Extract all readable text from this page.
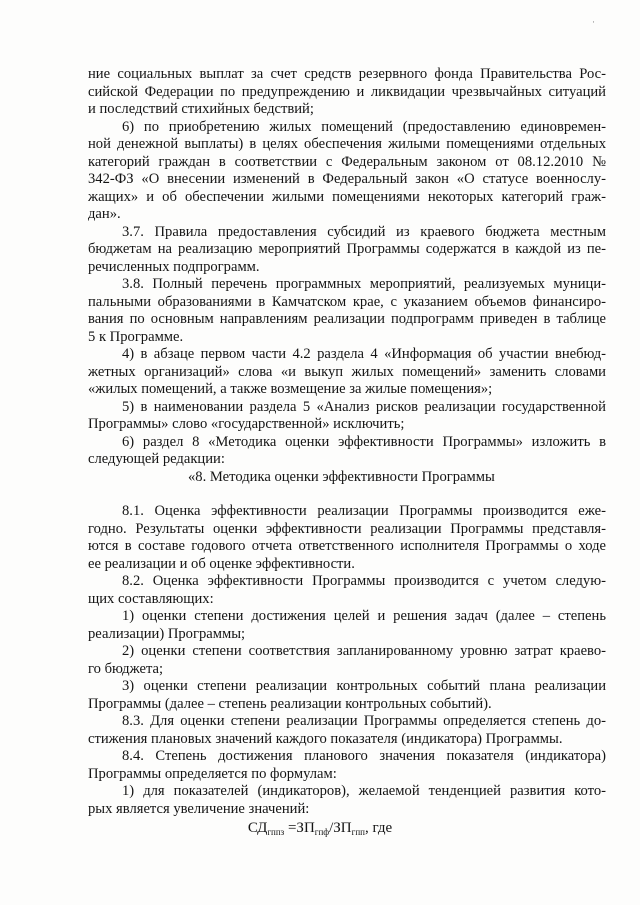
·
ние социальных выплат за счет средств резервного фонда Правительства Рос-
сийской Федерации по предупреждению и ликвидации чрезвычайных ситуаций
и последствий стихийных бедствий;
6) по приобретению жилых помещений (предоставлению единовремен-
ной денежной выплаты) в целях обеспечения жилыми помещениями отдельных
категорий граждан в соответствии с Федеральным законом от 08.12.2010 №
342-ФЗ «О внесении изменений в Федеральный закон «О статусе военнослу-
жащих» и об обеспечении жилыми помещениями некоторых категорий граж-
дан».
3.7. Правила предоставления субсидий из краевого бюджета местным
бюджетам на реализацию мероприятий Программы содержатся в каждой из пе-
речисленных подпрограмм.
3.8. Полный перечень программных мероприятий, реализуемых муници-
пальными образованиями в Камчатском крае, с указанием объемов финансиро-
вания по основным направлениям реализации подпрограмм приведен в таблице
5 к Программе.
4) в абзаце первом части 4.2 раздела 4 «Информация об участии внебюд-
жетных организаций» слова «и выкуп жилых помещений» заменить словами
«жилых помещений, а также возмещение за жилые помещения»;
5) в наименовании раздела 5 «Анализ рисков реализации государственной
Программы» слово «государственной» исключить;
6) раздел 8 «Методика оценки эффективности Программы» изложить в
следующей редакции:
«8. Методика оценки эффективности Программы
8.1. Оценка эффективности реализации Программы производится еже-
годно. Результаты оценки эффективности реализации Программы представля-
ются в составе годового отчета ответственного исполнителя Программы о ходе
ее реализации и об оценке эффективности.
8.2. Оценка эффективности Программы производится с учетом следую-
щих составляющих:
1) оценки степени достижения целей и решения задач (далее – степень
реализации) Программы;
2) оценки степени соответствия запланированному уровню затрат краево-
го бюджета;
3) оценки степени реализации контрольных событий плана реализации
Программы (далее – степень реализации контрольных событий).
8.3. Для оценки степени реализации Программы определяется степень до-
стижения плановых значений каждого показателя (индикатора) Программы.
8.4. Степень достижения планового значения показателя (индикатора)
Программы определяется по формулам:
1) для показателей (индикаторов), желаемой тенденцией развития кото-
рых является увеличение значений:
$СД_{гппз} =ЗП_{гпф}/ЗП_{гпп}$, где
